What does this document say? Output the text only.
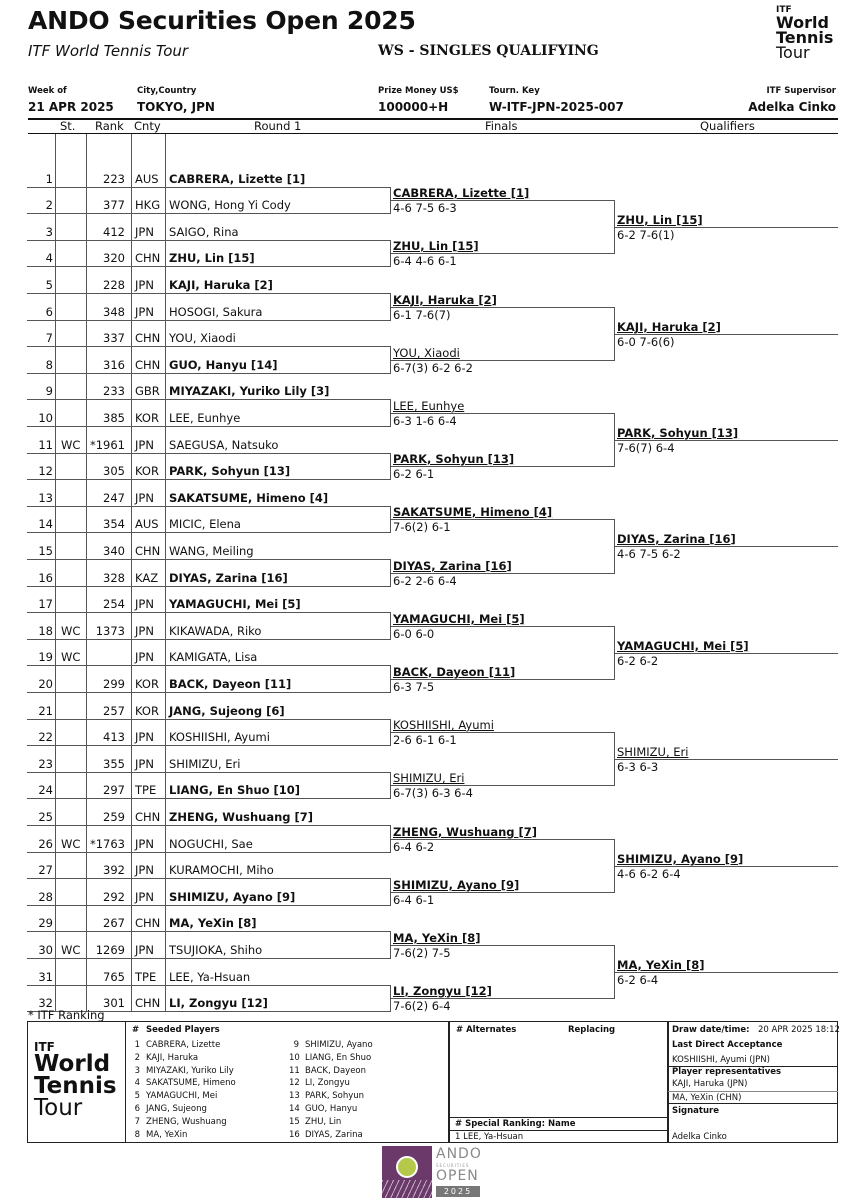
ANDO Securities Open 2025
ITF World Tennis Tour	WS - SINGLES QUALIFYING
ITF
World
Tennis
Tour
Week of
21 APR 2025
City,Country
TOKYO, JPN
Prize Money US$
100000+H
Tourn. Key
W-ITF-JPN-2025-007
ITF Supervisor
Adelka Cinko
St. Rank Cnty	Round 1	Finals	Qualifiers
1	223 AUS CABRERA, Lizette [1]
2	377 HKG WONG, Hong Yi Cody
3	412 JPN SAIGO, Rina
4	320 CHN ZHU, Lin [15]
5	228 JPN KAJI, Haruka [2]
6	348 JPN HOSOGI, Sakura
7	337 CHN YOU, Xiaodi
8	316 CHN GUO, Hanyu [14]
9	233 GBR MIYAZAKI, Yuriko Lily [3]
10	385 KOR LEE, Eunhye
11 WC *1961 JPN SAEGUSA, Natsuko
12	305 KOR PARK, Sohyun [13]
13	247 JPN SAKATSUME, Himeno [4]
14	354 AUS MICIC, Elena
15	340 CHN WANG, Meiling
16	328 KAZ DIYAS, Zarina [16]
17	254 JPN YAMAGUCHI, Mei [5]
18 WC	1373 JPN KIKAWADA, Riko
19 WC	JPN KAMIGATA, Lisa
20	299 KOR BACK, Dayeon [11]
21	257 KOR JANG, Sujeong [6]
22	413 JPN KOSHIISHI, Ayumi
23	355 JPN SHIMIZU, Eri
24	297 TPE LIANG, En Shuo [10]
25	259 CHN ZHENG, Wushuang [7]
26 WC *1763 JPN NOGUCHI, Sae
27	392 JPN KURAMOCHI, Miho
28	292 JPN SHIMIZU, Ayano [9]
29	267 CHN MA, YeXin [8]
30 WC	1269 JPN TSUJIOKA, Shiho
31	765 TPE LEE, Ya-Hsuan
32	301 CHN LI, Zongyu [12]
CABRERA, Lizette [1]
4-6 7-5 6-3
ZHU, Lin [15]
6-4 4-6 6-1
KAJI, Haruka [2]
6-1 7-6(7)
YOU, Xiaodi
6-7(3) 6-2 6-2
LEE, Eunhye
6-3 1-6 6-4
PARK, Sohyun [13]
6-2 6-1
SAKATSUME, Himeno [4]
7-6(2) 6-1
DIYAS, Zarina [16]
6-2 2-6 6-4
YAMAGUCHI, Mei [5]
6-0 6-0
BACK, Dayeon [11]
6-3 7-5
KOSHIISHI, Ayumi
2-6 6-1 6-1
SHIMIZU, Eri
6-7(3) 6-3 6-4
ZHENG, Wushuang [7]
6-4 6-2
SHIMIZU, Ayano [9]
6-4 6-1
MA, YeXin [8]
7-6(2) 7-5
LI, Zongyu [12]
7-6(2) 6-4
ZHU, Lin [15]
6-2 7-6(1)
KAJI, Haruka [2]
6-0 7-6(6)
PARK, Sohyun [13]
7-6(7) 6-4
DIYAS, Zarina [16]
4-6 7-5 6-2
YAMAGUCHI, Mei [5]
6-2 6-2
SHIMIZU, Eri
6-3 6-3
SHIMIZU, Ayano [9]
4-6 6-2 6-4
MA, YeXin [8]
6-2 6-4
* ITF Ranking
ITF
World
Tennis
Tour
# Seeded Players
1 CABRERA, Lizette
2 KAJI, Haruka
3 MIYAZAKI, Yuriko Lily
4 SAKATSUME, Himeno
5 YAMAGUCHI, Mei
6 JANG, Sujeong
7 ZHENG, Wushuang
8 MA, YeXin
9 SHIMIZU, Ayano
10 LIANG, En Shuo
11 BACK, Dayeon
12 LI, Zongyu
13 PARK, Sohyun
14 GUO, Hanyu
15 ZHU, Lin
16 DIYAS, Zarina
# Alternates	Replacing
# Special Ranking: Name
1 LEE, Ya-Hsuan
Draw date/time: 20 APR 2025 18:12
Last Direct Acceptance
KOSHIISHI, Ayumi (JPN)
Player representatives
KAJI, Haruka (JPN)
MA, YeXin (CHN)
Signature
Adelka Cinko
ANDO
SECURITIES
OPEN
2025
